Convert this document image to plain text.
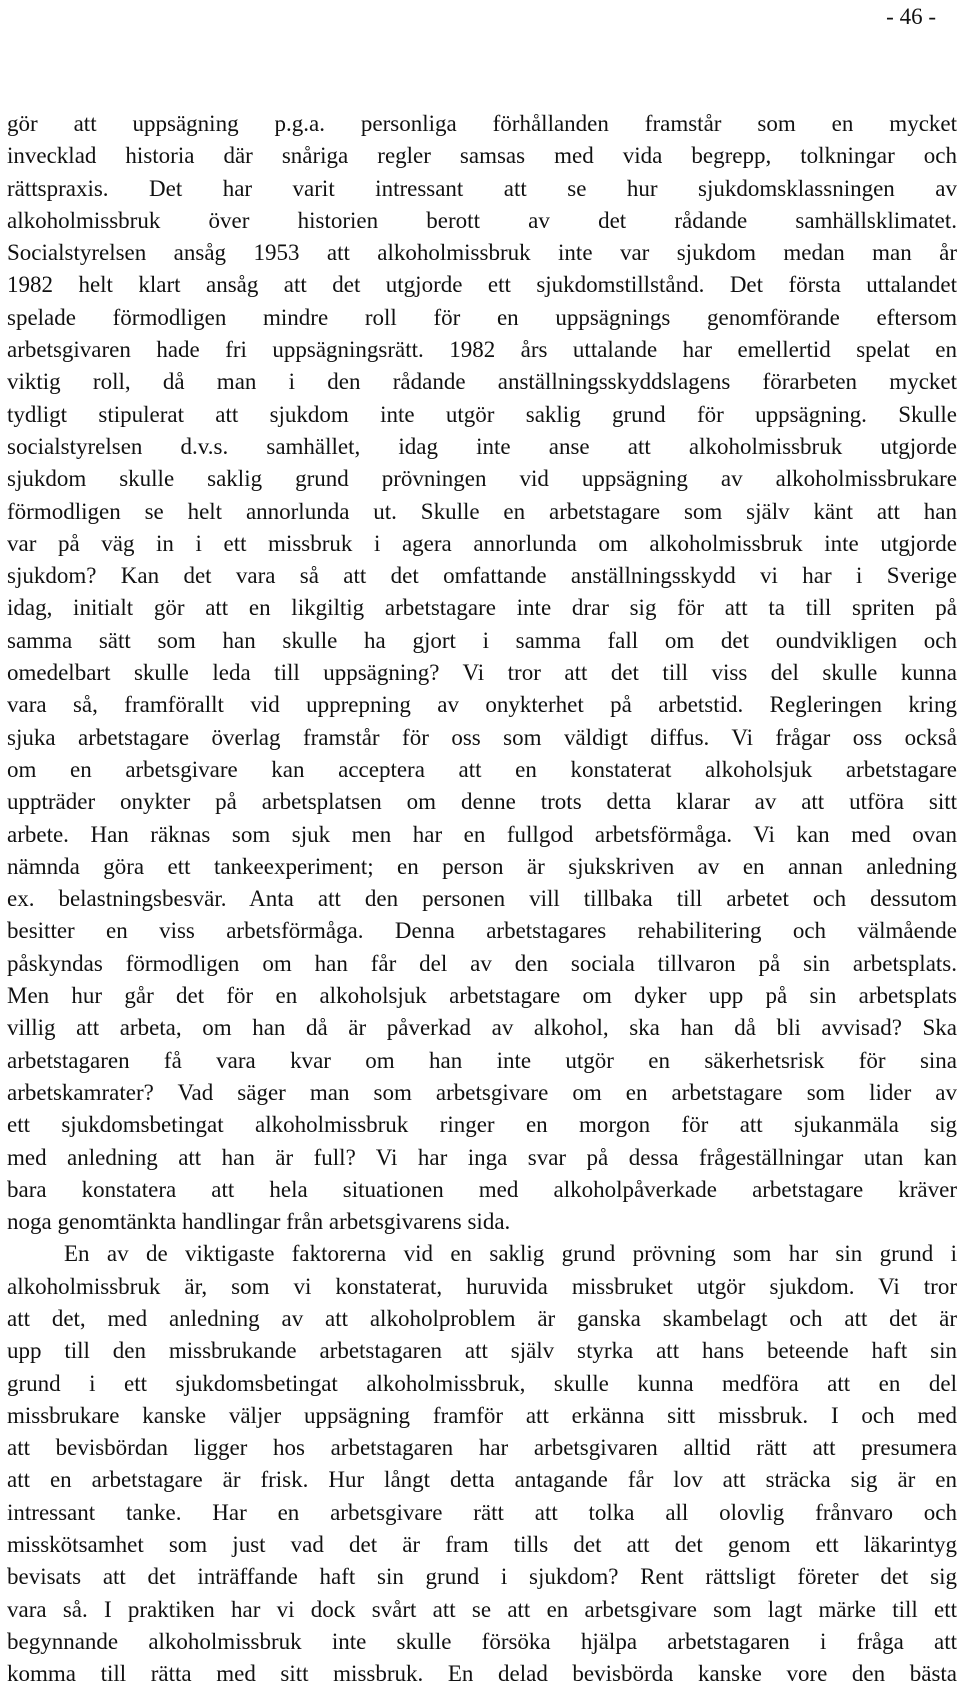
- 46 -
gör att uppsägning p.g.a. personliga förhållanden framstår som en mycket
invecklad historia där snåriga regler samsas med vida begrepp, tolkningar och
rättspraxis. Det har varit intressant att se hur sjukdomsklassningen av
alkoholmissbruk över historien berott av det rådande samhällsklimatet.
Socialstyrelsen ansåg 1953 att alkoholmissbruk inte var sjukdom medan man år
1982 helt klart ansåg att det utgjorde ett sjukdomstillstånd. Det första uttalandet
spelade förmodligen mindre roll för en uppsägnings genomförande eftersom
arbetsgivaren hade fri uppsägningsrätt. 1982 års uttalande har emellertid spelat en
viktig roll, då man i den rådande anställningsskyddslagens förarbeten mycket
tydligt stipulerat att sjukdom inte utgör saklig grund för uppsägning. Skulle
socialstyrelsen d.v.s. samhället, idag inte anse att alkoholmissbruk utgjorde
sjukdom skulle saklig grund prövningen vid uppsägning av alkoholmissbrukare
förmodligen se helt annorlunda ut. Skulle en arbetstagare som själv känt att han
var på väg in i ett missbruk i agera annorlunda om alkoholmissbruk inte utgjorde
sjukdom? Kan det vara så att det omfattande anställningsskydd vi har i Sverige
idag, initialt gör att en likgiltig arbetstagare inte drar sig för att ta till spriten på
samma sätt som han skulle ha gjort i samma fall om det oundvikligen och
omedelbart skulle leda till uppsägning? Vi tror att det till viss del skulle kunna
vara så, framförallt vid upprepning av onykterhet på arbetstid. Regleringen kring
sjuka arbetstagare överlag framstår för oss som väldigt diffus. Vi frågar oss också
om en arbetsgivare kan acceptera att en konstaterat alkoholsjuk arbetstagare
uppträder onykter på arbetsplatsen om denne trots detta klarar av att utföra sitt
arbete. Han räknas som sjuk men har en fullgod arbetsförmåga. Vi kan med ovan
nämnda göra ett tankeexperiment; en person är sjukskriven av en annan anledning
ex. belastningsbesvär. Anta att den personen vill tillbaka till arbetet och dessutom
besitter en viss arbetsförmåga. Denna arbetstagares rehabilitering och välmående
påskyndas förmodligen om han får del av den sociala tillvaron på sin arbetsplats.
Men hur går det för en alkoholsjuk arbetstagare om dyker upp på sin arbetsplats
villig att arbeta, om han då är påverkad av alkohol, ska han då bli avvisad? Ska
arbetstagaren få vara kvar om han inte utgör en säkerhetsrisk för sina
arbetskamrater? Vad säger man som arbetsgivare om en arbetstagare som lider av
ett sjukdomsbetingat alkoholmissbruk ringer en morgon för att sjukanmäla sig
med anledning att han är full? Vi har inga svar på dessa frågeställningar utan kan
bara konstatera att hela situationen med alkoholpåverkade arbetstagare kräver
noga genomtänkta handlingar från arbetsgivarens sida.
En av de viktigaste faktorerna vid en saklig grund prövning som har sin grund i
alkoholmissbruk är, som vi konstaterat, huruvida missbruket utgör sjukdom. Vi tror
att det, med anledning av att alkoholproblem är ganska skambelagt och att det är
upp till den missbrukande arbetstagaren att själv styrka att hans beteende haft sin
grund i ett sjukdomsbetingat alkoholmissbruk, skulle kunna medföra att en del
missbrukare kanske väljer uppsägning framför att erkänna sitt missbruk. I och med
att bevisbördan ligger hos arbetstagaren har arbetsgivaren alltid rätt att presumera
att en arbetstagare är frisk. Hur långt detta antagande får lov att sträcka sig är en
intressant tanke. Har en arbetsgivare rätt att tolka all olovlig frånvaro och
misskötsamhet som just vad det är fram tills det att det genom ett läkarintyg
bevisats att det inträffande haft sin grund i sjukdom? Rent rättsligt företer det sig
vara så. I praktiken har vi dock svårt att se att en arbetsgivare som lagt märke till ett
begynnande alkoholmissbruk inte skulle försöka hjälpa arbetstagaren i fråga att
komma till rätta med sitt missbruk. En delad bevisbörda kanske vore den bästa
